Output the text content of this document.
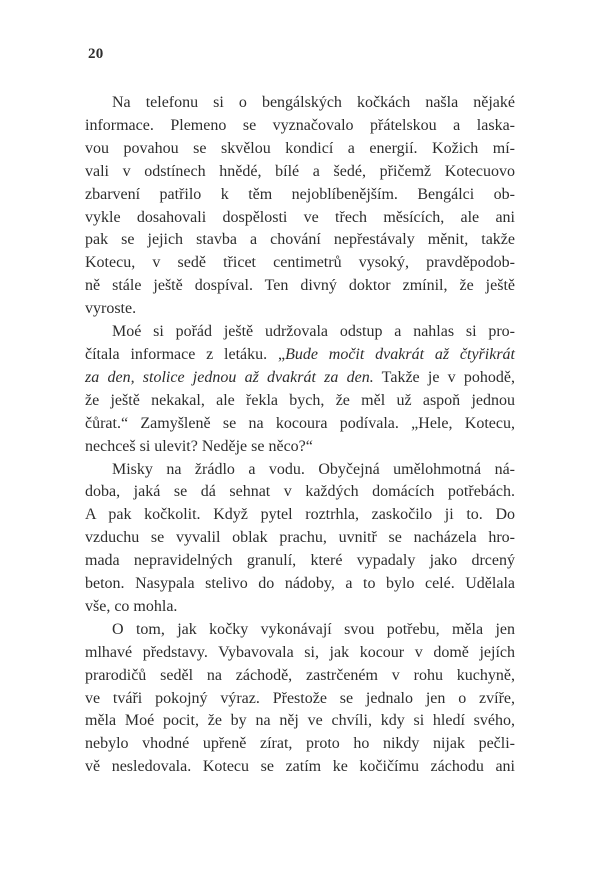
20
Na telefonu si o bengálských kočkách našla nějaké
informace. Plemeno se vyznačovalo přátelskou a laska-
vou povahou se skvělou kondicí a energií. Kožich mí-
vali v odstínech hnědé, bílé a šedé, přičemž Kotecuovo
zbarvení patřilo k těm nejoblíbenějším. Bengálci ob-
vykle dosahovali dospělosti ve třech měsících, ale ani
pak se jejich stavba a chování nepřestávaly měnit, takže
Kotecu, v sedě třicet centimetrů vysoký, pravděpodob-
ně stále ještě dospíval. Ten divný doktor zmínil, že ještě
vyroste.
Moé si pořád ještě udržovala odstup a nahlas si pro-
čítala informace z letáku. „Bude močit dvakrát až čtyřikrát
za den, stolice jednou až dvakrát za den. Takže je v pohodě,
že ještě nekakal, ale řekla bych, že měl už aspoň jednou
čůrat.“ Zamyšleně se na kocoura podívala. „Hele, Kotecu,
nechceš si ulevit? Neděje se něco?“
Misky na žrádlo a vodu. Obyčejná umělohmotná ná-
doba, jaká se dá sehnat v každých domácích potřebách.
A pak kočkolit. Když pytel roztrhla, zaskočilo ji to. Do
vzduchu se vyvalil oblak prachu, uvnitř se nacházela hro-
mada nepravidelných granulí, které vypadaly jako drcený
beton. Nasypala stelivo do nádoby, a to bylo celé. Udělala
vše, co mohla.
O tom, jak kočky vykonávají svou potřebu, měla jen
mlhavé představy. Vybavovala si, jak kocour v domě jejích
prarodičů seděl na záchodě, zastrčeném v rohu kuchyně,
ve tváři pokojný výraz. Přestože se jednalo jen o zvíře,
měla Moé pocit, že by na něj ve chvíli, kdy si hledí svého,
nebylo vhodné upřeně zírat, proto ho nikdy nijak pečli-
vě nesledovala. Kotecu se zatím ke kočičímu záchodu ani
